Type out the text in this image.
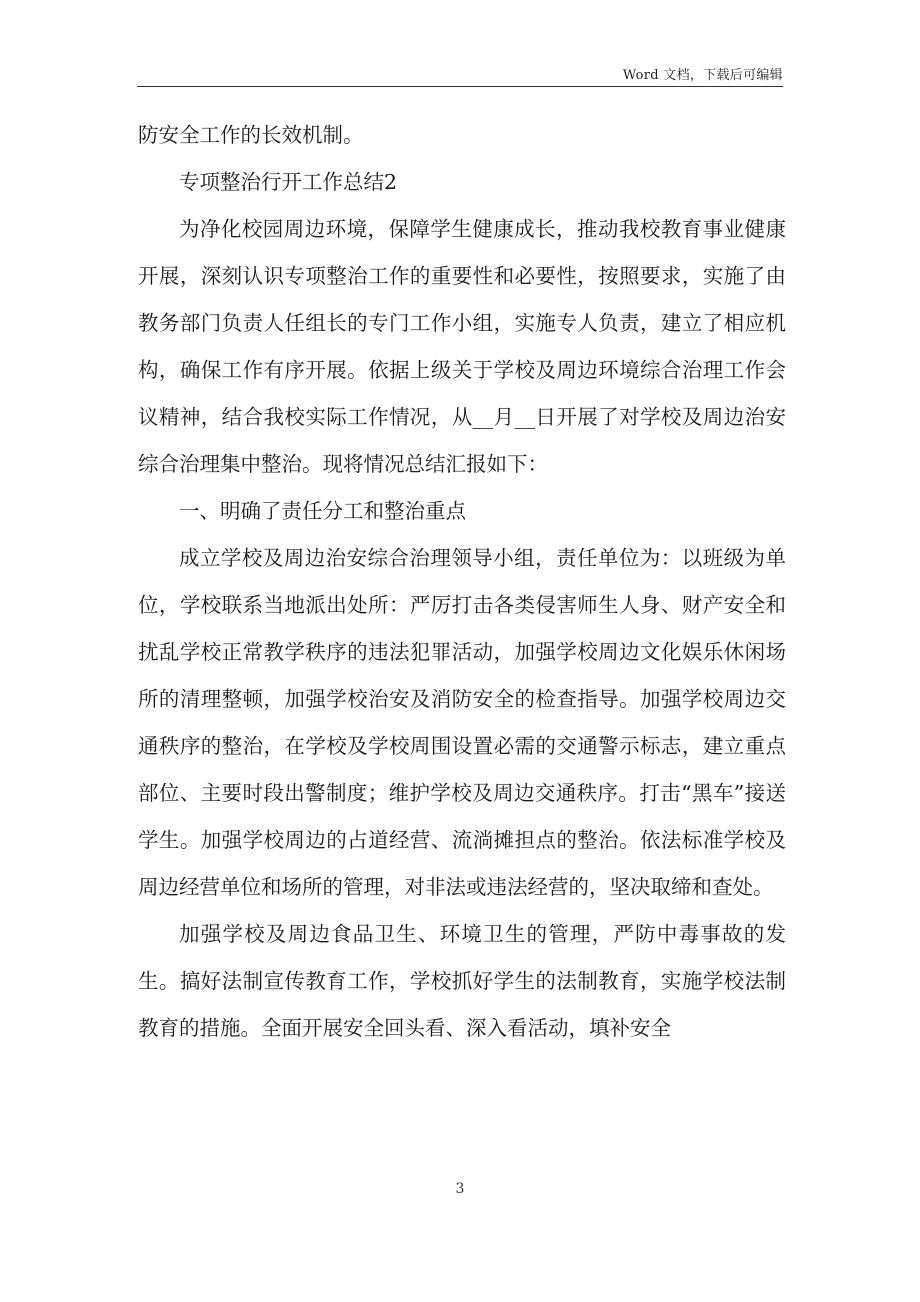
Word 文档，下载后可编辑

防安全工作的长效机制。

专项整治行开工作总结2

为净化校园周边环境，保障学生健康成长，推动我校教育事业健康开展，深刻认识专项整治工作的重要性和必要性，按照要求，实施了由教务部门负责人任组长的专门工作小组，实施专人负责，建立了相应机构，确保工作有序开展。依据上级关于学校及周边环境综合治理工作会议精神，结合我校实际工作情况，从__月__日开展了对学校及周边治安综合治理集中整治。现将情况总结汇报如下：

一、明确了责任分工和整治重点

成立学校及周边治安综合治理领导小组，责任单位为：以班级为单位，学校联系当地派出处所：严厉打击各类侵害师生人身、财产安全和扰乱学校正常教学秩序的违法犯罪活动，加强学校周边文化娱乐休闲场所的清理整顿，加强学校治安及消防安全的检查指导。加强学校周边交通秩序的整治，在学校及学校周围设置必需的交通警示标志，建立重点部位、主要时段出警制度；维护学校及周边交通秩序。打击“黑车”接送学生。加强学校周边的占道经营、流淌摊担点的整治。依法标准学校及周边经营单位和场所的管理，对非法或违法经营的，坚决取缔和查处。

加强学校及周边食品卫生、环境卫生的管理，严防中毒事故的发生。搞好法制宣传教育工作，学校抓好学生的法制教育，实施学校法制教育的措施。全面开展安全回头看、深入看活动，填补安全

3
